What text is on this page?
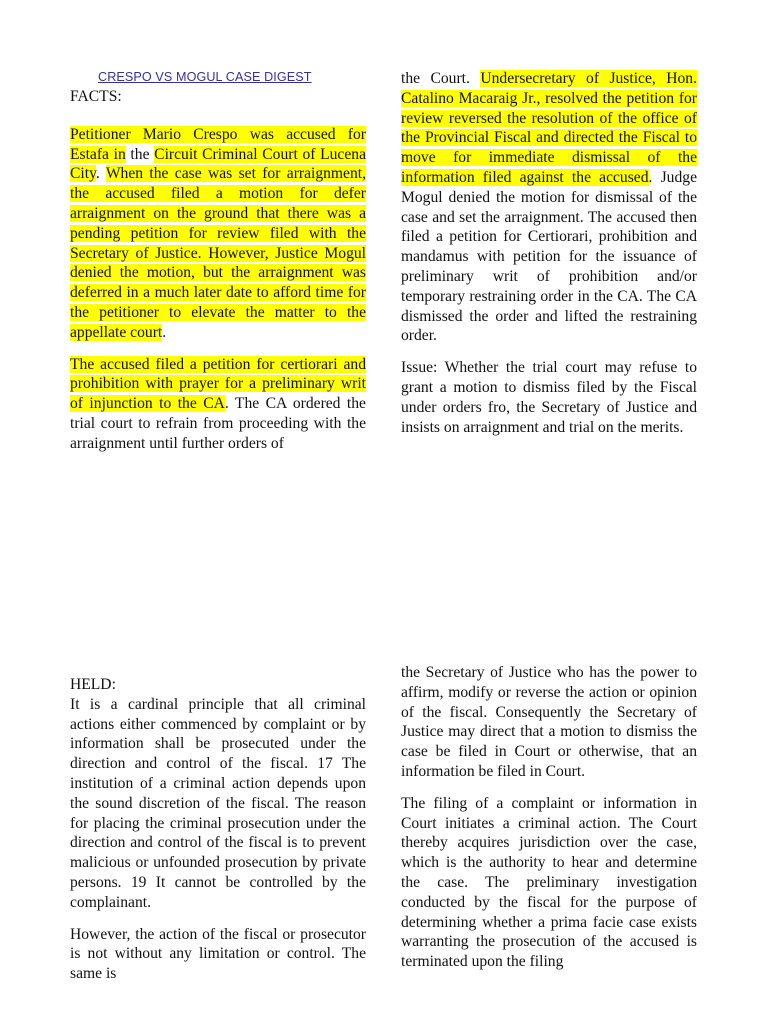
CRESPO VS MOGUL CASE DIGEST

FACTS:

Petitioner Mario Crespo was accused for Estafa in the Circuit Criminal Court of Lucena City. When the case was set for arraignment, the accused filed a motion for defer arraignment on the ground that there was a pending petition for review filed with the Secretary of Justice. However, Justice Mogul denied the motion, but the arraignment was deferred in a much later date to afford time for the petitioner to elevate the matter to the appellate court.

The accused filed a petition for certiorari and prohibition with prayer for a preliminary writ of injunction to the CA. The CA ordered the trial court to refrain from proceeding with the arraignment until further orders of

the Court. Undersecretary of Justice, Hon. Catalino Macaraig Jr., resolved the petition for review reversed the resolution of the office of the Provincial Fiscal and directed the Fiscal to move for immediate dismissal of the information filed against the accused. Judge Mogul denied the motion for dismissal of the case and set the arraignment. The accused then filed a petition for Certiorari, prohibition and mandamus with petition for the issuance of preliminary writ of prohibition and/or temporary restraining order in the CA. The CA dismissed the order and lifted the restraining order.

Issue: Whether the trial court may refuse to grant a motion to dismiss filed by the Fiscal under orders fro, the Secretary of Justice and insists on arraignment and trial on the merits.

HELD:

It is a cardinal principle that all criminal actions either commenced by complaint or by information shall be prosecuted under the direction and control of the fiscal. 17 The institution of a criminal action depends upon the sound discretion of the fiscal. The reason for placing the criminal prosecution under the direction and control of the fiscal is to prevent malicious or unfounded prosecution by private persons. 19 It cannot be controlled by the complainant.

However, the action of the fiscal or prosecutor is not without any limitation or control. The same is

the Secretary of Justice who has the power to affirm, modify or reverse the action or opinion of the fiscal. Consequently the Secretary of Justice may direct that a motion to dismiss the case be filed in Court or otherwise, that an information be filed in Court.

The filing of a complaint or information in Court initiates a criminal action. The Court thereby acquires jurisdiction over the case, which is the authority to hear and determine the case. The preliminary investigation conducted by the fiscal for the purpose of determining whether a prima facie case exists warranting the prosecution of the accused is terminated upon the filing
